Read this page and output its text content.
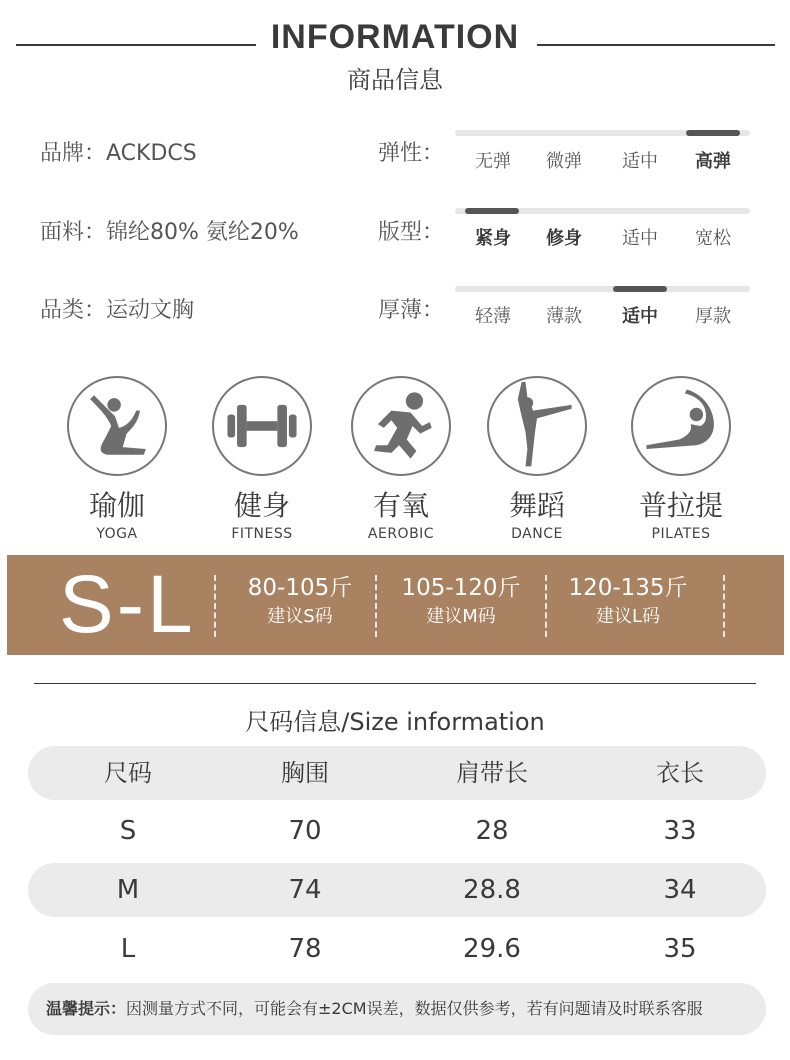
INFORMATION
商品信息
品牌：ACKDCS
面料：锦纶80% 氨纶20%
品类：运动文胸
弹性：	无弹	微弹	适中	高弹
版型：	紧身	修身	适中	宽松
厚薄：	轻薄	薄款	适中	厚款
瑜伽
YOGA
健身
FITNESS
有氧
AEROBIC
舞蹈
DANCE
普拉提
PILATES
S-L	80-105斤
建议S码
105-120斤
建议M码
120-135斤
建议L码
尺码信息/Size information
尺码	胸围	肩带长	衣长
S	70	28	33
M	74	28.8	34
L	78	29.6	35
温馨提示：因测量方式不同，可能会有±2CM误差，数据仅供参考，若有问题请及时联系客服
